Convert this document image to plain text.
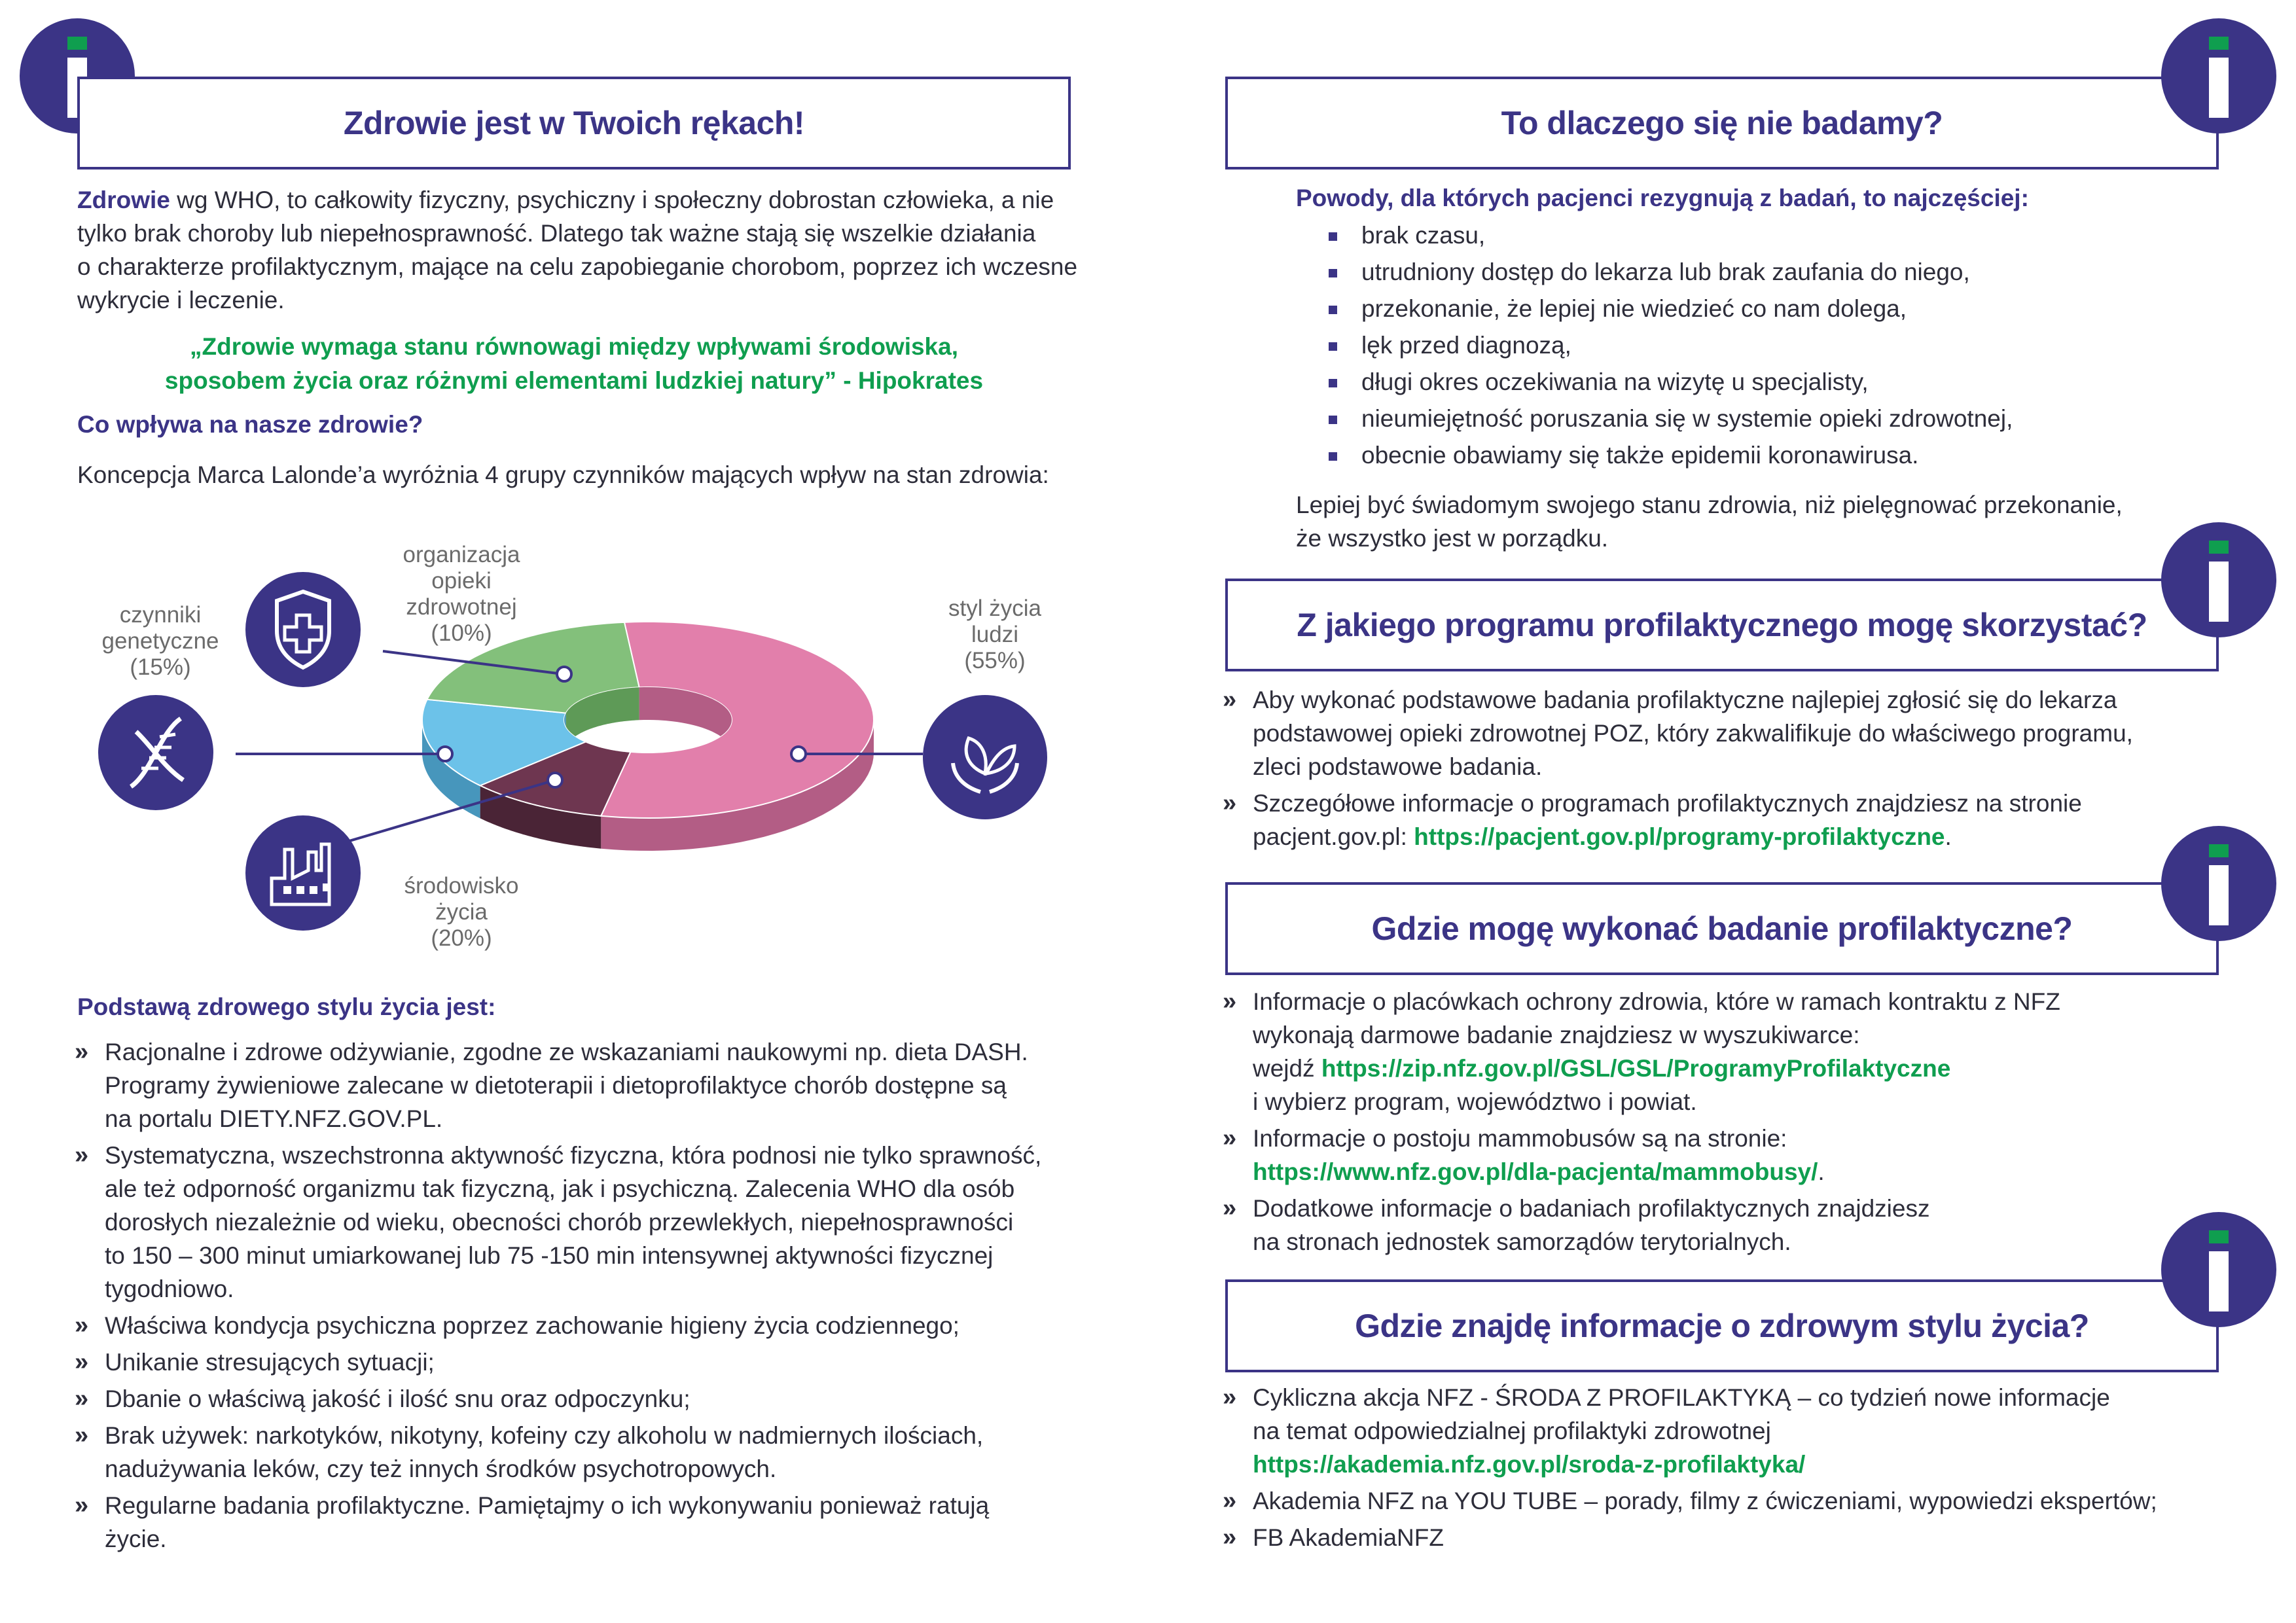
Zdrowie jest w Twoich rękach!
Zdrowie wg WHO, to całkowity fizyczny, psychiczny i społeczny dobrostan człowieka, a nie
tylko brak choroby lub niepełnosprawność. Dlatego tak ważne stają się wszelkie działania
o charakterze profilaktycznym, mające na celu zapobieganie chorobom, poprzez ich wczesne
wykrycie i leczenie.
„Zdrowie wymaga stanu równowagi między wpływami środowiska,
sposobem życia oraz różnymi elementami ludzkiej natury” - Hipokrates
Co wpływa na nasze zdrowie?
Koncepcja Marca Lalonde’a wyróżnia 4 grupy czynników mających wpływ na stan zdrowia:
organizacja
opieki
zdrowotnej
(10%)
czynniki
genetyczne
(15%)
styl życia
ludzi
(55%)
środowisko
życia
(20%)
Podstawą zdrowego stylu życia jest:
» Racjonalne i zdrowe odżywianie, zgodne ze wskazaniami naukowymi np. dieta DASH.
Programy żywieniowe zalecane w dietoterapii i dietoprofilaktyce chorób dostępne są
na portalu DIETY.NFZ.GOV.PL.
» Systematyczna, wszechstronna aktywność fizyczna, która podnosi nie tylko sprawność,
ale też odporność organizmu tak fizyczną, jak i psychiczną. Zalecenia WHO dla osób
dorosłych niezależnie od wieku, obecności chorób przewlekłych, niepełnosprawności
to 150 – 300 minut umiarkowanej lub 75 -150 min intensywnej aktywności fizycznej
tygodniowo.
» Właściwa kondycja psychiczna poprzez zachowanie higieny życia codziennego;
» Unikanie stresujących sytuacji;
» Dbanie o właściwą jakość i ilość snu oraz odpoczynku;
» Brak używek: narkotyków, nikotyny, kofeiny czy alkoholu w nadmiernych ilościach,
nadużywania leków, czy też innych środków psychotropowych.
» Regularne badania profilaktyczne. Pamiętajmy o ich wykonywaniu ponieważ ratują
życie.
To dlaczego się nie badamy?
Powody, dla których pacjenci rezygnują z badań, to najczęściej:
brak czasu,
utrudniony dostęp do lekarza lub brak zaufania do niego,
przekonanie, że lepiej nie wiedzieć co nam dolega,
lęk przed diagnozą,
długi okres oczekiwania na wizytę u specjalisty,
nieumiejętność poruszania się w systemie opieki zdrowotnej,
obecnie obawiamy się także epidemii koronawirusa.
Lepiej być świadomym swojego stanu zdrowia, niż pielęgnować przekonanie,
że wszystko jest w porządku.
Z jakiego programu profilaktycznego mogę skorzystać?
» Aby wykonać podstawowe badania profilaktyczne najlepiej zgłosić się do lekarza
podstawowej opieki zdrowotnej POZ, który zakwalifikuje do właściwego programu,
zleci podstawowe badania.
» Szczegółowe informacje o programach profilaktycznych znajdziesz na stronie
pacjent.gov.pl: https://pacjent.gov.pl/programy-profilaktyczne.
Gdzie mogę wykonać badanie profilaktyczne?
» Informacje o placówkach ochrony zdrowia, które w ramach kontraktu z NFZ
wykonają darmowe badanie znajdziesz w wyszukiwarce:
wejdź https://zip.nfz.gov.pl/GSL/GSL/ProgramyProfilaktyczne
i wybierz program, województwo i powiat.
» Informacje o postoju mammobusów są na stronie:
https://www.nfz.gov.pl/dla-pacjenta/mammobusy/.
» Dodatkowe informacje o badaniach profilaktycznych znajdziesz
na stronach jednostek samorządów terytorialnych.
Gdzie znajdę informacje o zdrowym stylu życia?
» Cykliczna akcja NFZ - ŚRODA Z PROFILAKTYKĄ – co tydzień nowe informacje
na temat odpowiedzialnej profilaktyki zdrowotnej
https://akademia.nfz.gov.pl/sroda-z-profilaktyka/
» Akademia NFZ na YOU TUBE – porady, filmy z ćwiczeniami, wypowiedzi ekspertów;
» FB AkademiaNFZ
